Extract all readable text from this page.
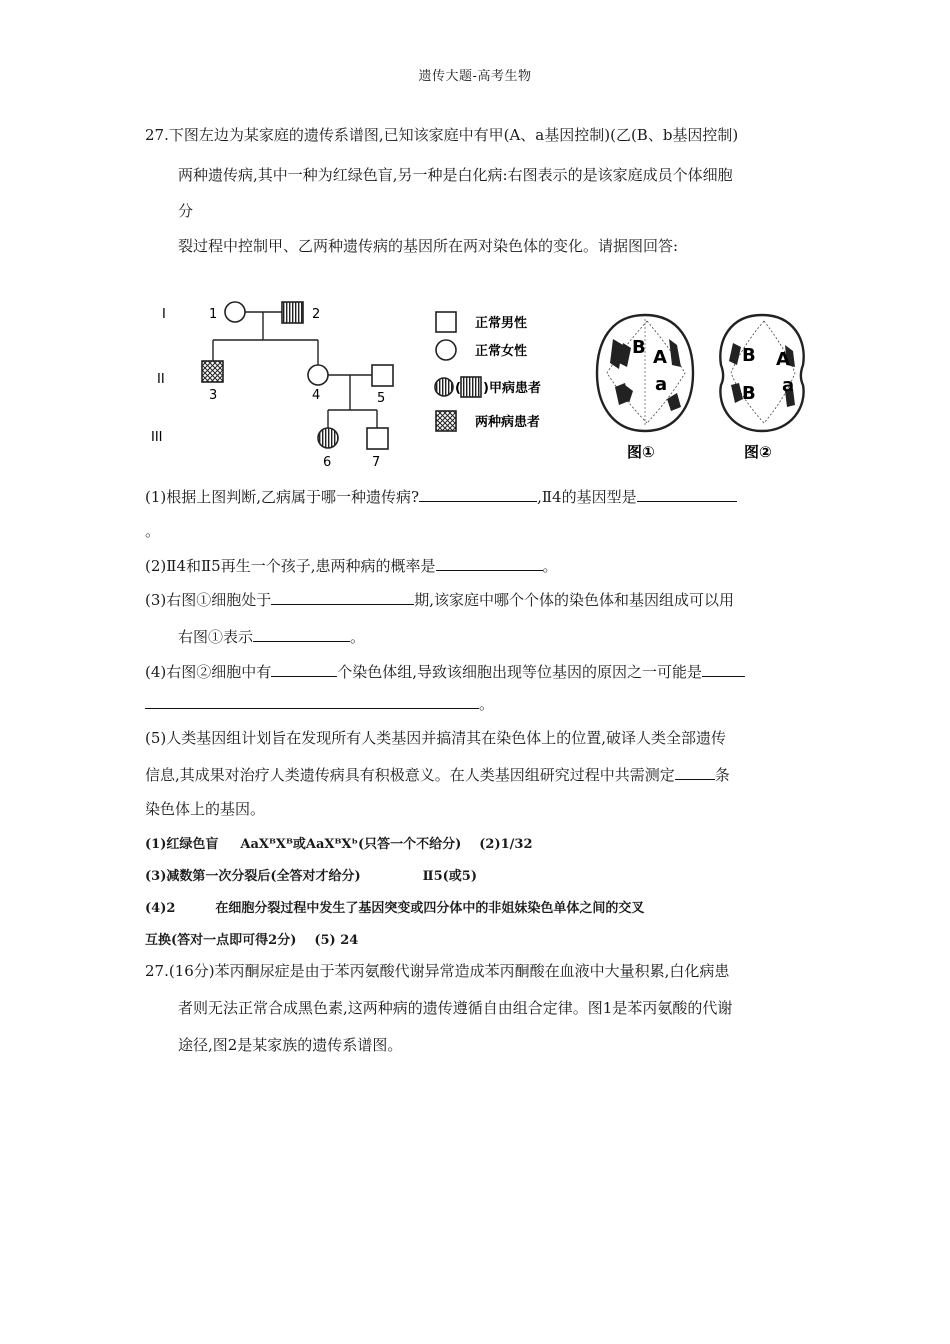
遗传大题-高考生物
27.下图左边为某家庭的遗传系谱图,已知该家庭中有甲(A、a基因控制)(乙(B、b基因控制)
两种遗传病,其中一种为红绿色盲,另一种是白化病:右图表示的是该家庭成员个体细胞
分
裂过程中控制甲、乙两种遗传病的基因所在两对染色体的变化。请据图回答:
I
II
III
1	2
3	4	5
6	7
正常男性
正常女性
( )甲病患者
两种病患者
B A
a
图①
B A
B a
图②
(1)根据上图判断,乙病属于哪一种遗传病?	,Ⅱ4的基因型是
。
(2)Ⅱ4和Ⅱ5再生一个孩子,患两种病的概率是	。
(3)右图①细胞处于	期,该家庭中哪个个体的染色体和基因组成可以用
右图①表示	。
(4)右图②细胞中有	个染色体组,导致该细胞出现等位基因的原因之一可能是
。
(5)人类基因组计划旨在发现所有人类基因并搞清其在染色体上的位置,破译人类全部遗传
信息,其成果对治疗人类遗传病具有积极意义。在人类基因组研究过程中共需测定	条
染色体上的基因。
(1)红绿色盲 AaXᴮXᴮ或AaXᴮXᵇ(只答一个不给分) (2)1/32
(3)减数第一次分裂后(全答对才给分)	Ⅱ5(或5)
(4)2	在细胞分裂过程中发生了基因突变或四分体中的非姐妹染色单体之间的交叉
互换(答对一点即可得2分) (5) 24
27.(16分)苯丙酮尿症是由于苯丙氨酸代谢异常造成苯丙酮酸在血液中大量积累,白化病患
者则无法正常合成黑色素,这两种病的遗传遵循自由组合定律。图1是苯丙氨酸的代谢
途径,图2是某家族的遗传系谱图。
